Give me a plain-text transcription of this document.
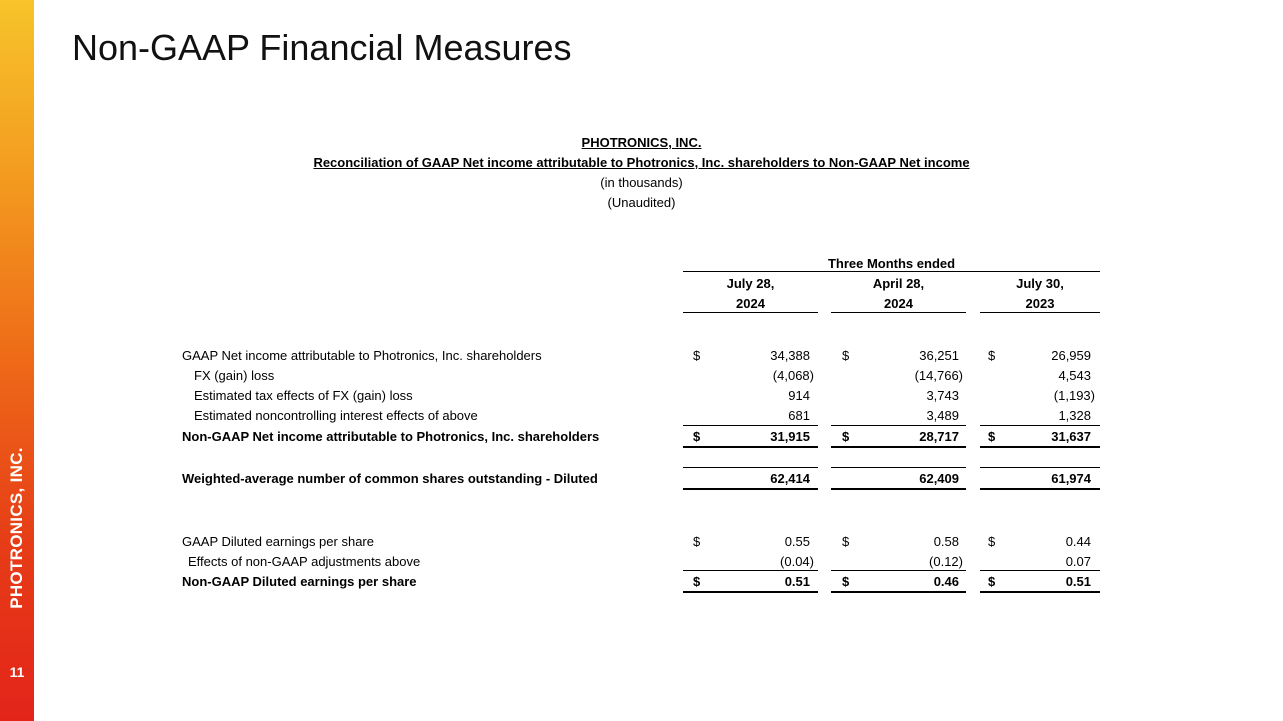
PHOTRONICS, INC.
11
Non-GAAP Financial Measures
PHOTRONICS, INC.
Reconciliation of GAAP Net income attributable to Photronics, Inc. shareholders to Non-GAAP Net income
(in thousands)
(Unaudited)
Three Months ended
July 28,
2024
April 28,
2024
July 30,
2023
GAAP Net income attributable to Photronics, Inc. shareholders	$	34,388 $	36,251 $	26,959
FX (gain) loss	(4,068)	(14,766)	4,543
Estimated tax effects of FX (gain) loss	914	3,743	(1,193)
Estimated noncontrolling interest effects of above	681	3,489	1,328
Non-GAAP Net income attributable to Photronics, Inc. shareholders	$	31,915 $	28,717 $	31,637
Weighted-average number of common shares outstanding - Diluted	62,414	62,409	61,974
GAAP Diluted earnings per share	$	0.55 $	0.58 $	0.44
Effects of non-GAAP adjustments above	(0.04)	(0.12)	0.07
Non-GAAP Diluted earnings per share	$	0.51 $	0.46 $	0.51
